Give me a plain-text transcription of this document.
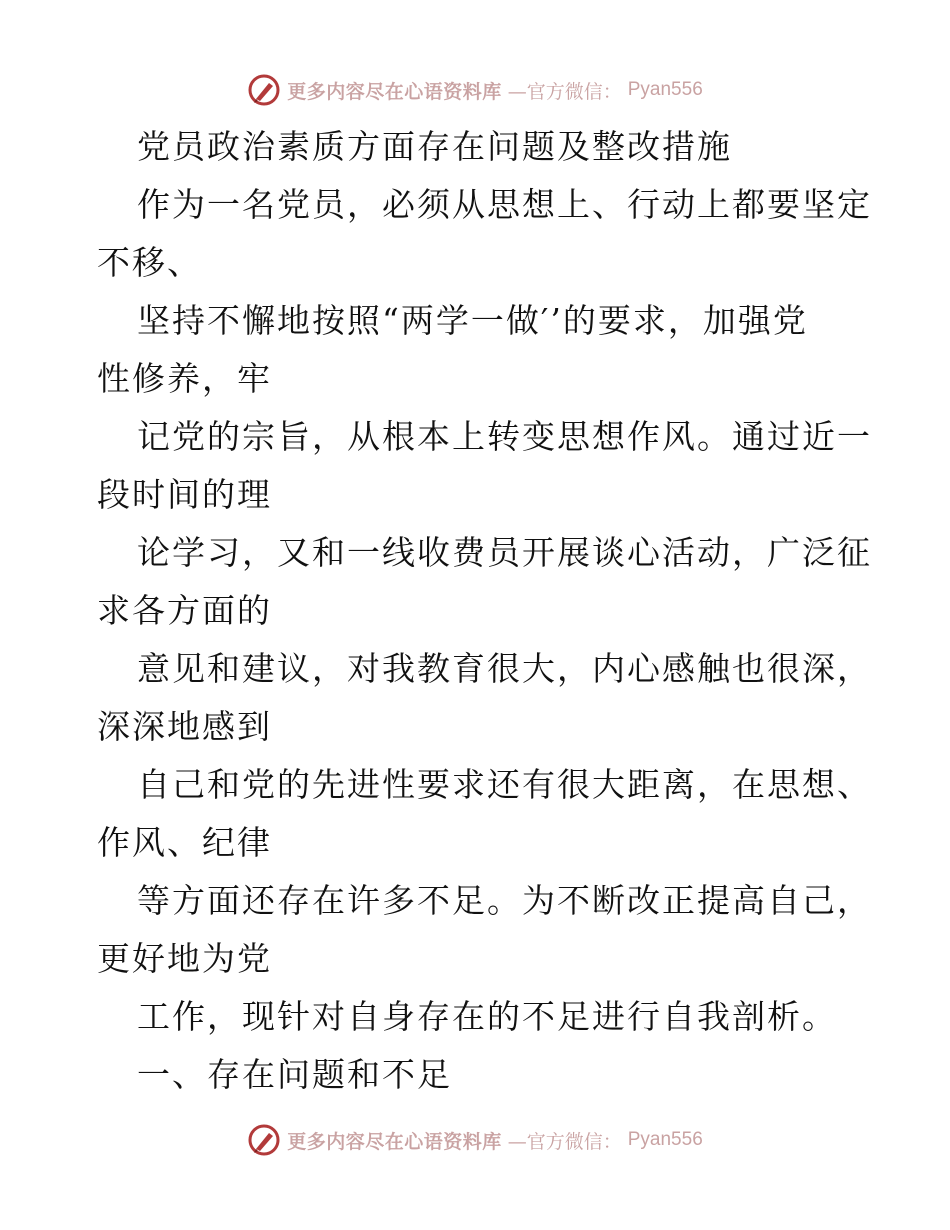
更多内容尽在心语资料库 —官方微信： Pyan556
党员政治素质方面存在问题及整改措施
作为一名党员，必须从思想上、行动上都要坚定
不移、
坚持不懈地按照“两学一做′’的要求，加强党
性修养，牢
记党的宗旨，从根本上转变思想作风。通过近一
段时间的理
论学习，又和一线收费员开展谈心活动，广泛征
求各方面的
意见和建议，对我教育很大，内心感触也很深，
深深地感到
自己和党的先进性要求还有很大距离，在思想、
作风、纪律
等方面还存在许多不足。为不断改正提高自己，
更好地为党
工作，现针对自身存在的不足进行自我剖析。
一、存在问题和不足
更多内容尽在心语资料库 —官方微信： Pyan556
